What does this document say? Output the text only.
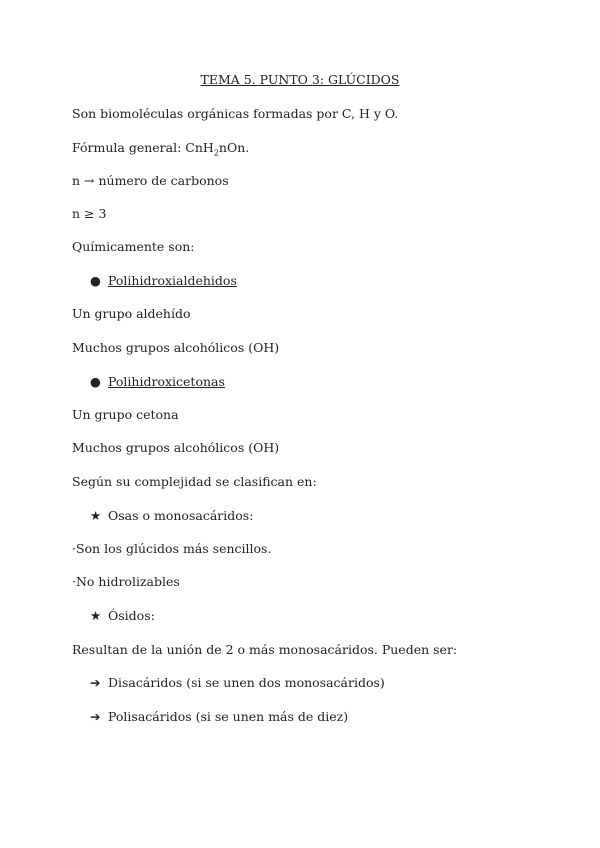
TEMA 5. PUNTO 3: GLÚCIDOS
Son biomoléculas orgánicas formadas por C, H y O.
Fórmula general: CnH$_2$nOn.
n → número de carbonos
n ≥ 3
Químicamente son:
● Polihidroxialdehidos
Un grupo aldehído
Muchos grupos alcohólicos (OH)
● Polihidroxicetonas
Un grupo cetona
Muchos grupos alcohólicos (OH)
Según su complejidad se clasifican en:
★ Osas o monosacáridos:
·Son los glúcidos más sencillos.
·No hidrolizables
★ Ósidos:
Resultan de la unión de 2 o más monosacáridos. Pueden ser:
➔ Disacáridos (si se unen dos monosacáridos)
➔ Polisacáridos (si se unen más de diez)
